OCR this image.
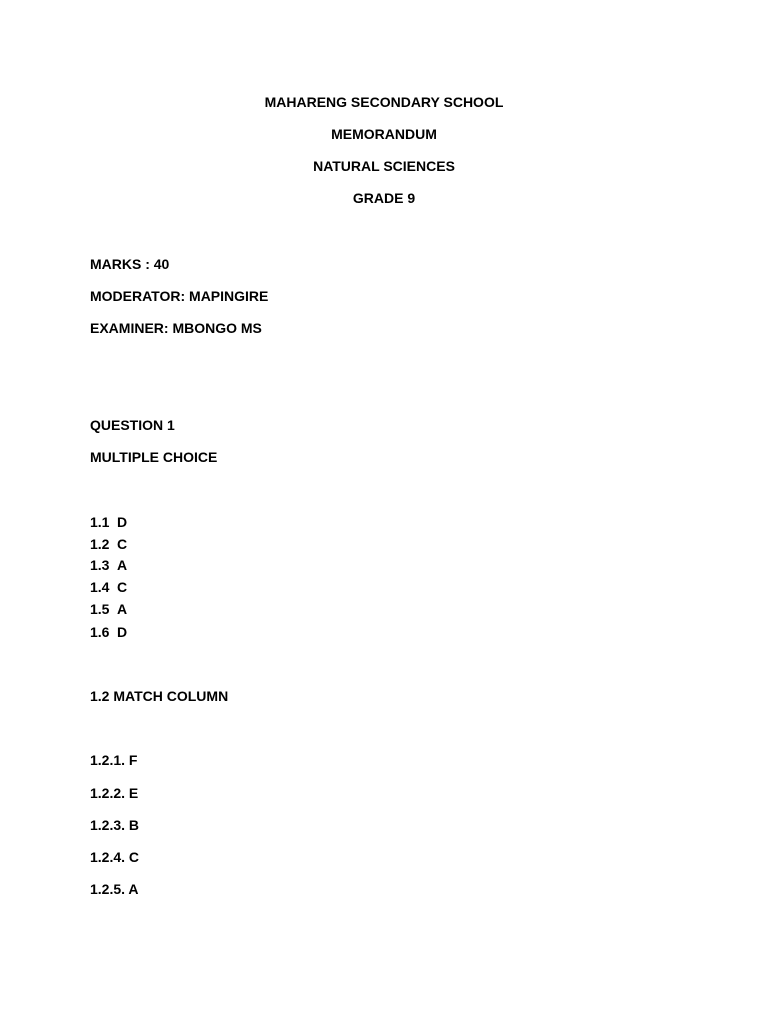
MAHARENG SECONDARY SCHOOL
MEMORANDUM
NATURAL SCIENCES
GRADE 9
MARKS : 40
MODERATOR: MAPINGIRE
EXAMINER: MBONGO MS
QUESTION 1
MULTIPLE CHOICE
1.1 D
1.2 C
1.3 A
1.4 C
1.5 A
1.6 D
1.2 MATCH COLUMN
1.2.1. F
1.2.2. E
1.2.3. B
1.2.4. C
1.2.5. A
